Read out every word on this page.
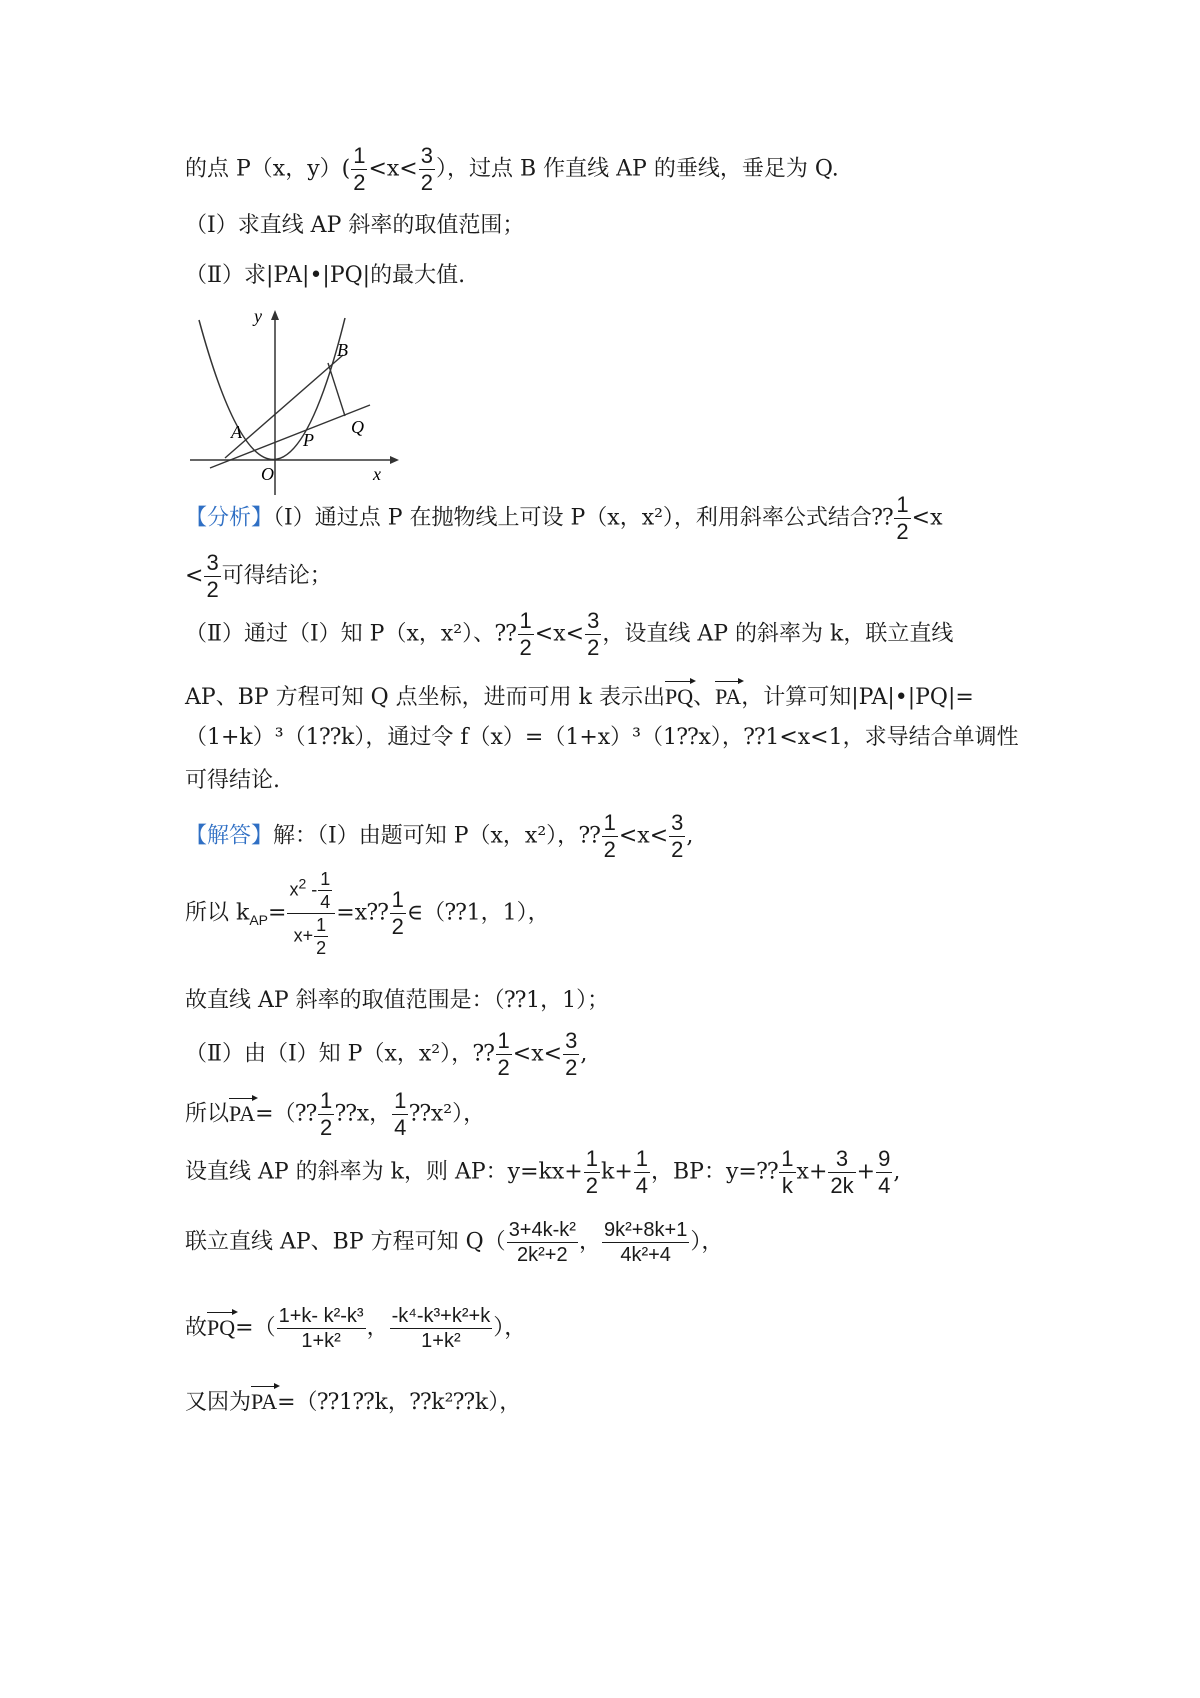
的点 P（x，$y)( \frac{1}{2} <x< \frac{3}{2}$ ），过点 B 作直线 AP 的垂线，垂足为 Q.
（Ⅰ）求直线 AP 斜率的取值范围；
（Ⅱ）求|PA|•|PQ|的最大值.
y
x
O
A
B
P
Q
【分析】（Ⅰ）通过点 P 在抛物线上可设 P（x，x²），利用斜率公式结合⁇ $\frac{1}{2} <x$
< $\frac{3}{2}$ 可得结论；
（Ⅱ）通过（I）知 P（x，x²）、⁇ $\frac{1}{2} <x< \frac{3}{2}$ ，设直线 AP 的斜率为 k，联立直线
AP、BP 方程可知 Q 点坐标，进而可用 k 表示出PQ、PA，计算可知|PA|•|PQ|=
（1+k）³（1⁇k），通过令 f（x）=（1+x）³（1⁇x），⁇1<x<1，求导结合单调性
可得结论.
【解答】解：（Ⅰ）由题可知 P（x，x²），⁇ $\frac{1}{2} <x< \frac{3}{2}$ ,
所以 $k_{AP}= \frac{x^2 - \frac{1}{4}}{x+ \frac{1}{2}}$ =x⁇ $\frac{1}{2}$ ∈（⁇1，1），
故直线 AP 斜率的取值范围是：（⁇1，1）；
（Ⅱ）由（I）知 P（x，x²），⁇ $\frac{1}{2} <x< \frac{3}{2}$ ,
所以PA=（⁇ $\frac{1}{2}$ ⁇x， $\frac{1}{4}$ ⁇x²），
设直线 AP 的斜率为 k，则 AP：$y=kx+ \frac{1}{2} k+ \frac{1}{4}$ ，BP：y=⁇ $\frac{1}{k} x+ \frac{3}{2k} + \frac{9}{4}$ ,
联立直线 AP、BP 方程可知 $Q( \frac{\text{3+4k-k²}}{\text{2k²+2}}$ ， $\frac{\text{9k²+8k+1}}{\text{4k²+4}}$ ），
故$PQ=( \frac{\text{1+k- k²-k³}}{\text{1+k²}}$ ， $\frac{\text{-k⁴-k³+k²+k}}{\text{1+k²}}$ ），
又因为PA=（⁇1⁇k，⁇k²⁇k），
